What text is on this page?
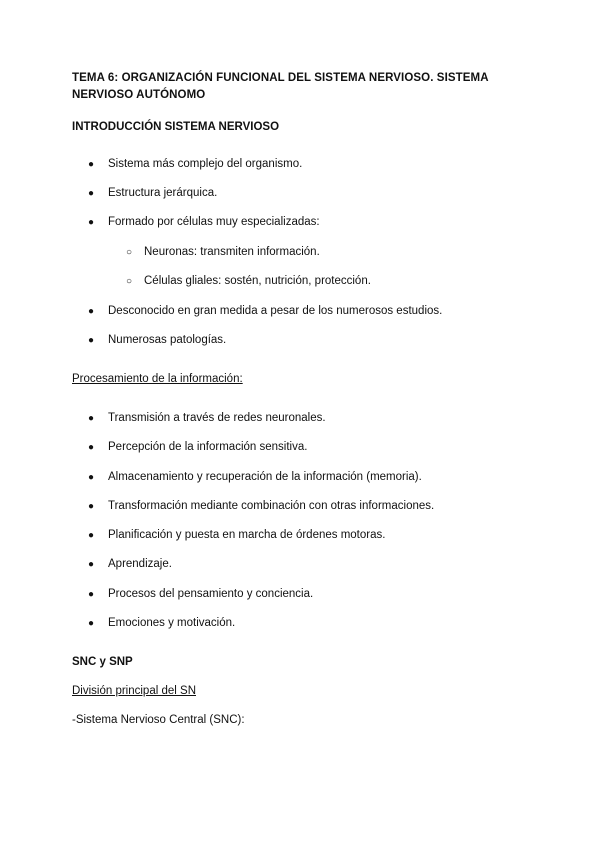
TEMA 6: ORGANIZACIÓN FUNCIONAL DEL SISTEMA NERVIOSO. SISTEMA NERVIOSO AUTÓNOMO
INTRODUCCIÓN SISTEMA NERVIOSO
● Sistema más complejo del organismo.
● Estructura jerárquica.
● Formado por células muy especializadas:
○ Neuronas: transmiten información.
○ Células gliales: sostén, nutrición, protección.
● Desconocido en gran medida a pesar de los numerosos estudios.
● Numerosas patologías.
Procesamiento de la información:
● Transmisión a través de redes neuronales.
● Percepción de la información sensitiva.
● Almacenamiento y recuperación de la información (memoria).
● Transformación mediante combinación con otras informaciones.
● Planificación y puesta en marcha de órdenes motoras.
● Aprendizaje.
● Procesos del pensamiento y conciencia.
● Emociones y motivación.
SNC y SNP
División principal del SN
-Sistema Nervioso Central (SNC):
